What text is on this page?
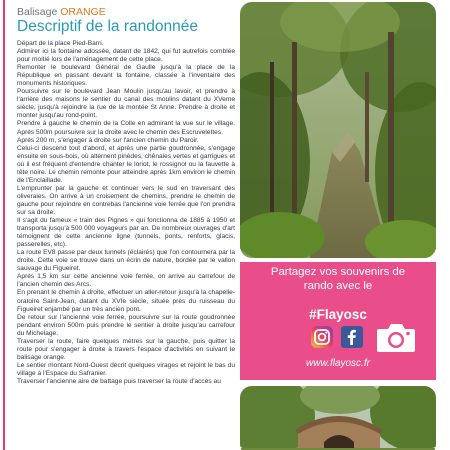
Balisage ORANGE
Descriptif de la randonnée

Départ de la place Pied-Barri.

Admirer ici la fontaine adossée, datant de 1842, qui fut autrefois comblée pour moitié lors de l'aménagement de cette place.

Remonter le boulevard Général de Gaulle jusqu'à la place de la République en passant devant la fontaine, classée à l'inventaire des monuments historiques.

Poursuivre sur le boulevard Jean Moulin jusqu'au lavoir, et prendre à l'arrière des maisons le sentier du canal des moulins datant du XVeme siècle, jusqu'à rejoindre la rue de la montée St Anne. Prendre à droite et monter jusqu'au rond-point.

Prendre à gauche le chemin de la Colle en admirant la vue sur le village. Après 500m poursuivre sur la droite avec le chemin des Escruvelettes.

Après 200 m, s'engager à droite sur l'ancien chemin du Paroir.

Celui-ci descend tout d'abord, et après une partie goudronnée, s'engage ensuite en sous-bois, où alternent pinèdes, chênaies vertes et garrigues et où il est fréquent d'entendre chanter le loriot, le rossignol ou la fauvette à tête noire. Le chemin remonte pour atteindre après 1km environ le chemin de l'Enclaillade.

L'emprunter par la gauche et continuer vers le sud en traversant des oliveraies. On arrive à un croisement de chemins, prendre le chemin de gauche pour rejoindre en contrebas l'ancienne voie ferrée que l'on prendra sur sa droite.

Il s'agit du fameux « train des Pignes » qui fonctionna de 1885 à 1950 et transporta jusqu'à 500 000 voyageurs par an. De nombreux ouvrages d'art témoignent de cette ancienne ligne (tunnels, ponts, renforts, glacis, passerelles, etc).

La route EV8 passe par deux tunnels (éclairés) que l'on contournera par la droite. Cette voie se trouve dans un écrin de nature, bordée par le vallon sauvage du Figueiret.

Après 1,5 km sur cette ancienne voie ferrée, on arrive au carrefour de l'ancien chemin des Arcs.

En prenant le chemin à droite, effectuer un aller-retour jusqu'à la chapelle-oratoire Saint-Jean, datant du XVIe siècle, située près du ruisseau du Figueiret enjambé par un très ancien pont.

De retour sur l'ancienne voie ferrée, poursuivre sur la route goudronnée pendant environ 500m puis prendre le sentier à droite jusqu'au carrefour du Michelage.

Traverser la route, faire quelques mètres sur la gauche, puis quitter la route pour s'engager à droite à travers l'espace d'activités en suivant le balisage orange.

Le sentier montant Nord-Ouest décrit quelques virages et rejoint le bas du village à l'Espace du Safranier.

Traverser l'ancienne aire de battage puis traverser la route d'accès au

Partagez vos souvenirs de
rando avec le
#Flayosc
www.flayosc.fr
